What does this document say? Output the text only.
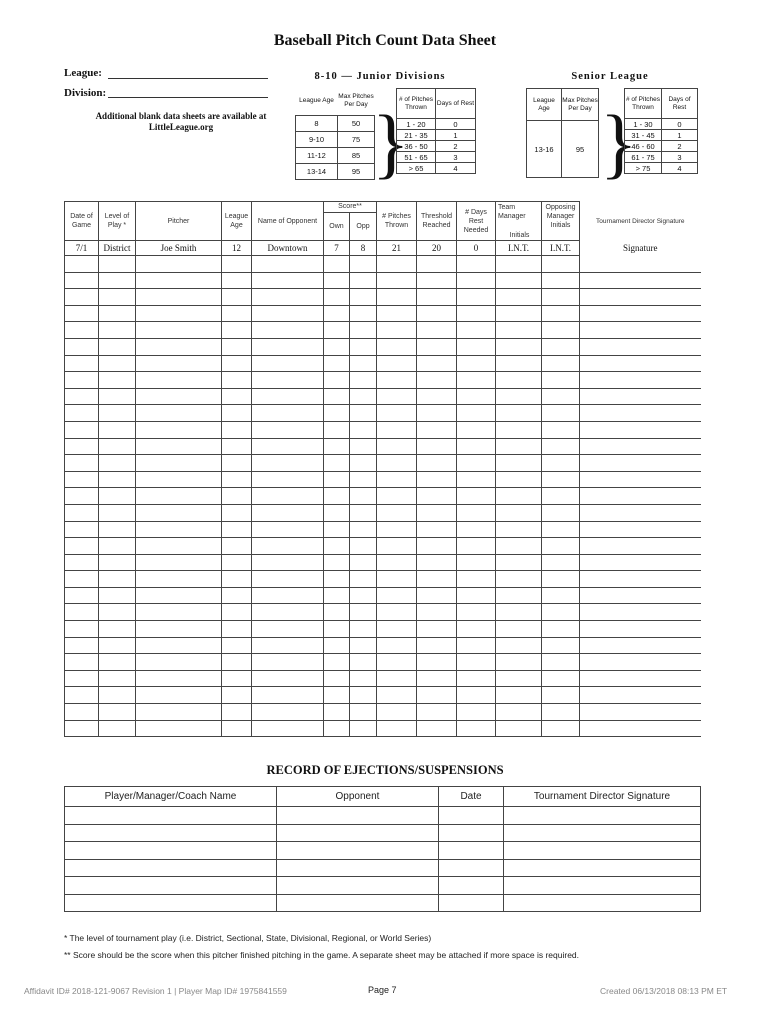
Baseball Pitch Count Data Sheet
League:
Division:
Additional blank data sheets are available at
LittleLeague.org
8-10 — Junior Divisions
League Age	Max Pitches Per Day
8	50
9-10	75
11-12	85
13-14	95 }
# of Pitches Thrown	Days of Rest
1 - 20	0
21 - 35	1
36 - 50	2
51 - 65	3
> 65	4
Senior League
League Age	Max Pitches Per Day
13-16	95 }
# of Pitches Thrown	Days of Rest
1 - 30	0
31 - 45	1
46 - 60	2
61 - 75	3
> 75	4
Date of Game	Level of Play *	Pitcher	League Age	Name of Opponent	Score**		# Pitches Thrown	Threshold Reached	# Days Rest Needed	Team Manager
Initials	Opposing Manager Initials	Tournament Director Signature
					Own	Opp						
7/1	District	Joe Smith	12	Downtown	7	8	21	20	0	I.N.T.	I.N.T.	Signature

RECORD OF EJECTIONS/SUSPENSIONS
Player/Manager/Coach Name	Opponent	Date	Tournament Director Signature

* The level of tournament play (i.e. District, Sectional, State, Divisional, Regional, or World Series)
** Score should be the score when this pitcher finished pitching in the game. A separate sheet may be attached if more space is required.
Affidavit ID# 2018-121-9067 Revision 1 | Player Map ID# 1975841559	Page 7	Created 06/13/2018 08:13 PM ET
